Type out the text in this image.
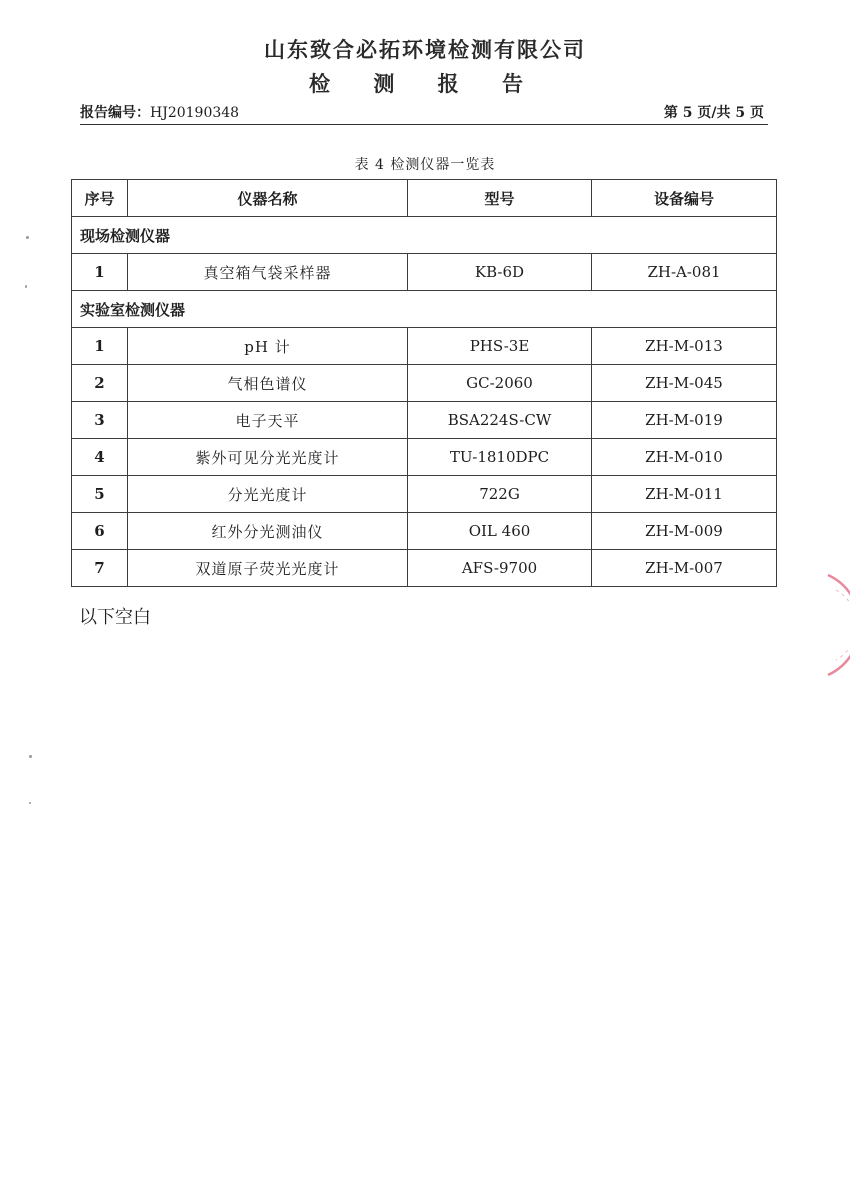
山东致合必拓环境检测有限公司
检 测 报 告
报告编号：HJ20190348	第 5 页/共 5 页
表 4 检测仪器一览表
序号	仪器名称	型号	设备编号
现场检测仪器			
1	真空箱气袋采样器	KB-6D	ZH-A-081
实验室检测仪器			
1	pH 计	PHS-3E	ZH-M-013
2	气相色谱仪	GC-2060	ZH-M-045
3	电子天平	BSA224S-CW	ZH-M-019
4	紫外可见分光光度计	TU-1810DPC	ZH-M-010
5	分光光度计	722G	ZH-M-011
6	红外分光测油仪	OIL 460	ZH-M-009
7	双道原子荧光光度计	AFS-9700	ZH-M-007
以下空白
